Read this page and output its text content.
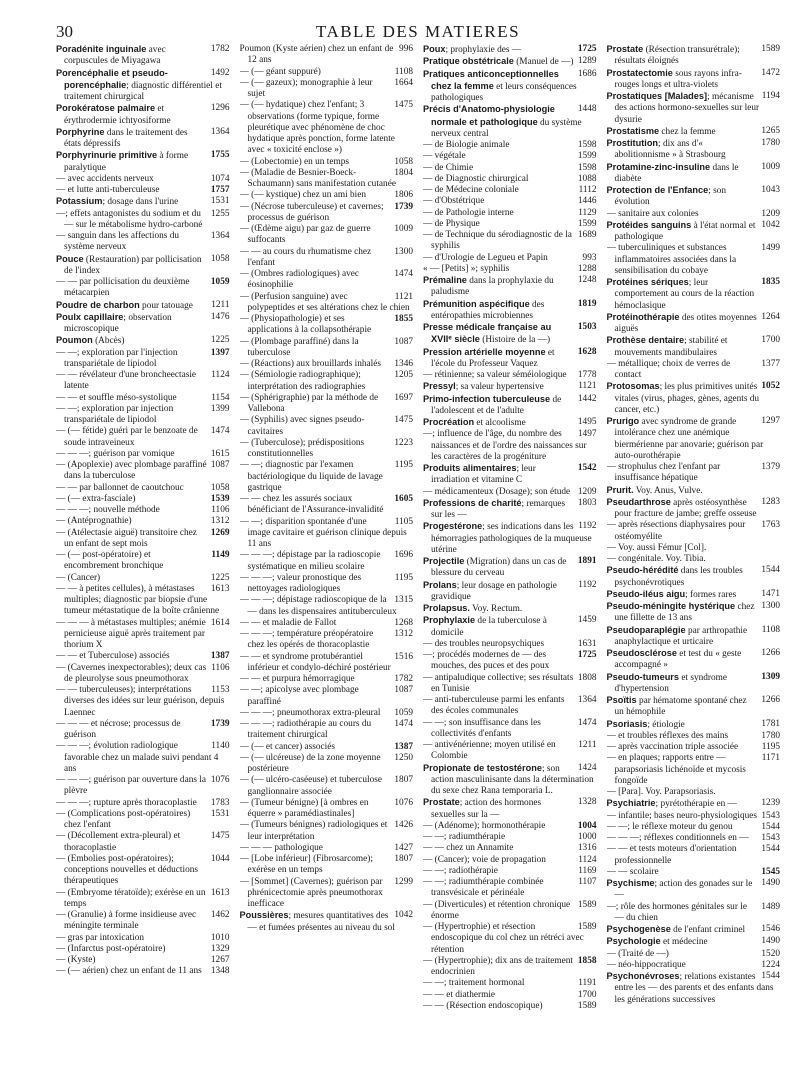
30	TABLE DES MATIERES

1782
Poradénite inguinale avec corpuscules de Miyagawa

1492
Porencéphalie et pseudo-porencéphalie; diagnostic différentiel et traitement chirurgical

1296
Porokératose palmaire et érythrodermie ichtyosiforme

1364
Porphyrine dans le traitement des états dépressifs

1755
Porphyrinurie primitive à forme paralytique

1074
— avec accidents nerveux

1757
— et lutte anti-tuberculeuse

1531
Potassium; dosage dans l'urine

1255
—; effets antagonistes du sodium et du — sur le métabolisme hydro-carboné

1364
— sanguin dans les affections du système nerveux

1058
Pouce (Restauration) par pollicisation de l'index

1059
— — par pollicisation du deuxième métacarpien

1211
Poudre de charbon pour tatouage

1476
Poulx capillaire; observation microscopique

1225
Poumon (Abcès)

1397
— —; exploration par l'injection transpariétale de lipiodol

1124
— — révélateur d'une broncheectasie latente

1154
— — et souffle méso-systolique

1399
— —; exploration par injection transpariétale de lipiodol

1474
— (— fétide) guéri par le benzoate de soude intraveineux

1615
— — —; guérison par vomique

1087
— (Apoplexie) avec plombage paraffiné dans la tuberculose

1058
— — par ballonnet de caoutchouc

1539
— (— extra-fasciale)

1106
— — —; nouvelle méthode

1312
— (Antéprognathie)

1269
— (Atélectasie aiguë) transitoire chez un enfant de sept mois

1149
— (— post-opératoire) et encombrement bronchique

1225
— (Cancer)

1613
— — à petites cellules), à métastases multiples; diagnostic par biopsie d'une tumeur métastatique de la boîte crânienne

1614
— — — à métastases multiples; anémie pernicieuse aiguë après traitement par thorium X

1387
— — et Tuberculose) associés

1106
— (Cavernes inexpectorables); deux cas de pleurolyse sous pneumothorax

1153
— — tuberculeuses); interprétations diverses des idées sur leur guérison, depuis Laennec

1739
— — — et nécrose; processus de guérison

1140
— — —; évolution radiologique favorable chez un malade suivi pendant 4 ans

1076
— — —; guérison par ouverture dans la plèvre

1783
— — —; rupture après thoracoplastie

1531
— (Complications post-opératoires) chez l'enfant

1475
— (Décollement extra-pleural) et thoracoplastie

1044
— (Embolies post-opératoires); conceptions nouvelles et déductions thérapeutiques

1613
— (Embryome tératoïde); exérèse en un temps

1462
— (Granulie) à forme insidieuse avec méningite terminale

1010
— gras par intoxication

1329
— (Infarctus post-opératoire)

1267
— (Kyste)

1348
— (— aérien) chez un enfant de 11 ans

996
Poumon (Kyste aérien) chez un enfant de 12 ans

1108
— (— géant suppuré)

1664
— (— gazeux); monographie à leur sujet

1475
— (— hydatique) chez l'enfant; 3 observations (forme typique, forme pleurétique avec phénomène de choc hydatique après ponction, forme latente avec « toxicité enclose »)

1058
— (Lobectomie) en un temps

1804
— (Maladie de Besnier-Boeck-Schaumann) sans manifestation cutanée

1806
— (— kystique) chez un ami bien

1739
— (Nécrose tuberculeuse) et cavernes; processus de guérison

1009
— (Œdème aigu) par gaz de guerre suffocants

1300
— — au cours du rhumatisme chez l'enfant

1474
— (Ombres radiologiques) avec éosinophilie

1121
— (Perfusion sanguine) avec polypeptides et ses altérations chez le chien

1855
— (Physiopathologie) et ses applications à la collapsothérapie

1087
— (Plombage paraffiné) dans la tuberculose

1346
— (Réactions) aux brouillards inhalés

1205
— (Sémiologie radiographique); interprétation des radiographies

1697
— (Sphérigraphie) par la méthode de Vallebona

1475
— (Syphilis) avec signes pseudo-cavitaires

1223
— (Tuberculose); prédispositions constitutionnelles

1195
— —; diagnostic par l'examen bactériologique du liquide de lavage gastrique

1605
— — chez les assurés sociaux bénéficiant de l'Assurance-invalidité

1105
— —; disparition spontanée d'une image cavitaire et guérison clinique depuis 11 ans

1696
— — —; dépistage par la radioscopie systématique en milieu scolaire

1195
— — —; valeur pronostique des nettoyages radiologiques

1315
— — —; dépistage radioscopique de la — dans les dispensaires antituberculeux

1268
— — et maladie de Fallot

1312
— — —; température préopératoire chez les opérés de thoracoplastie

1516
— — et syndrome protubérantiel inférieur et condylo-déchiré postérieur

1782
— — et purpura hémorragique

1087
— —; apicolyse avec plombage paraffiné

1059
— — —; pneumothorax extra-pleural

1474
— — —; radiothérapie au cours du traitement chirurgical

1387
— (— et cancer) associés

1250
— (— ulcéreuse) de la zone moyenne postérieure

1807
— (— ulcéro-caséeuse) et tuberculose ganglionnaire associée

1076
— (Tumeur bénigne) [à ombres en équerre » paramédiastinales]

1426
— (Tumeurs bénignes) radiologiques et leur interprétation

1427
— — — pathologique

1807
— [Lobe inférieur] (Fibrosarcome); exérèse en un temps

1299
— [Sommet] (Cavernes); guérison par phrénicectomie après pneumothorax inefficace

1042
Poussières; mesures quantitatives des — et fumées présentes au niveau du sol

1725
Poux; prophylaxie des —

1289
Pratique obstétricale (Manuel de —)

1686
Pratiques anticonceptionnelles chez la femme et leurs conséquences pathologiques

1448
Précis d'Anatomo-physiologie normale et pathologique du système nerveux central

1598
— de Biologie animale

1599
— végétale

1598
— de Chimie

1088
— de Diagnostic chirurgical

1112
— de Médecine coloniale

1446
— d'Obstétrique

1129
— de Pathologie interne

1599
— de Physique

1689
— de Technique du sérodiagnostic de la syphilis

993
— d'Urologie de Legueu et Papin

1288
« — [Petits] »; syphilis

1248
Prémaline dans la prophylaxie du paludisme

1819
Prémunition aspécifique des entéropathies microbiennes

1503
Presse médicale française au XVIIᵉ siècle (Histoire de la —)

1628
Pression artérielle moyenne et l'école du Professeur Vaquez

1778
— rétinienne; sa valeur séméiologique

1121
Pressyl; sa valeur hypertensive

1442
Primo-infection tuberculeuse de l'adolescent et de l'adulte

1495
Procréation et alcoolisme

1497
—; influence de l'âge, du nombre des naissances et de l'ordre des naissances sur les caractères de la progéniture

1542
Produits alimentaires; leur irradiation et vitamine C

1209
— médicamenteux (Dosage); son étude

1803
Professions de charité; remarques sur les —

1192
Progestérone; ses indications dans les hémorragies pathologiques de la muqueuse utérine

1891
Projectile (Migration) dans un cas de blessure du cerveau

1192
Prolans; leur dosage en pathologie gravidique

Prolapsus. Voy. Rectum.

1459
Prophylaxie de la tuberculose à domicile

1631
— des troubles neuropsychiques

1725
—; procédés modernes de — des mouches, des puces et des poux

1808
— antipaludique collective; ses résultats en Tunisie

1364
— anti-tuberculeuse parmi les enfants des écoles communales

1474
— —; son insuffisance dans les collectivités d'enfants

1211
— antivénérienne; moyen utilisé en Colombie

1424
Propionate de testostérone; son action masculinisante dans la détermination du sexe chez Rana temporaria L.

1328
Prostate; action des hormones sexuelles sur la —

1004
— (Adénome); hormonothérapie

1000
— —; radiumthérapie

1316
— — chez un Annamite

1124
— (Cancer); voie de propagation

1169
— —; radiothérapie

1107
— —; radiumthérapie combinée transvésicale et périnéale

1589
— (Diverticules) et rétention chronique énorme

1589
— (Hypertrophie) et résection endoscopique du col chez un rétréci avec rétention

1858
— (Hypertrophie); dix ans de traitement endocrinien

1191
— —; traitement hormonal

1700
— — et diathermie

1589
— — (Résection endoscopique)

1589
Prostate (Résection transurétrale); résultats éloignés

1472
Prostatectomie sous rayons infra-rouges longs et ultra-violets

1194
Prostatiques [Malades]; mécanisme des actions hormono-sexuelles sur leur dysurie

1265
Prostatisme chez la femme

1780
Prostitution; dix ans d'« abolitionnisme » à Strasbourg

1009
Protamine-zinc-insuline dans le diabète

1043
Protection de l'Enfance; son évolution

1209
— sanitaire aux colonies

1042
Protéides sanguins à l'état normal et pathologique

1499
— tuberculiniques et substances inflammatoires associées dans la sensibilisation du cobaye

1835
Protéines sériques; leur comportement au cours de la réaction hémoclasique

1264
Protéinothérapie des otites moyennes aiguës

1700
Prothèse dentaire; stabilité et mouvements mandibulaires

1377
— métallique; choix de verres de contact

1052
Protosomas; les plus primitives unités vitales (virus, phages, gènes, agents du cancer, etc.)

1297
Prurigo avec syndrome de grande intolérance chez une anémique biermérienne par anovarie; guérison par auto-ourothérapie

1379
— strophulus chez l'enfant par insuffisance hépatique

Prurit. Voy. Anus, Vulve.

1283
Pseudarthrose après ostéosynthèse pour fracture de jambe; greffe osseuse

1763
— après résections diaphysaires pour ostéomyélite

— Voy. aussi Fémur [Col].

— congénitale. Voy. Tibia.

1544
Pseudo-hérédité dans les troubles psychonévrotiques

1471
Pseudo-iléus aigu; formes rares

1300
Pseudo-méningite hystérique chez une fillette de 13 ans

1108
Pseudoparaplégie par arthropathie anaphylactique et urticaire

1266
Pseudosclérose et test du « geste accompagné »

1309
Pseudo-tumeurs et syndrome d'hypertension

1266
Psoïtis par hématome spontané chez un hémophile

1781
Psoriasis; étiologie

1780
— et troubles réflexes des mains

1195
— après vaccination triple associée

1171
— en plaques; rapports entre — parapsoriasis lichénoïde et mycosis fongoïde

— [Para]. Voy. Parapsoriasis.

1239
Psychiatrie; pyrétothérapie en —

1543
— infantile; bases neuro-physiologiques

1544
— —; le réflexe moteur du genou

1543
— — —; réflexes conditionnels en —

1544
— — et tests moteurs d'orientation professionnelle

1545
— — scolaire

1490
Psychisme; action des gonades sur le —

1489
—; rôle des hormones génitales sur le — du chien

1546
Psychogenèse de l'enfant criminel

1490
Psychologie et médecine

1520
— (Traité de —)

1224
— néo-hippocratique

1544
Psychonévroses; relations existantes entre les — des parents et des enfants dans les générations successives
